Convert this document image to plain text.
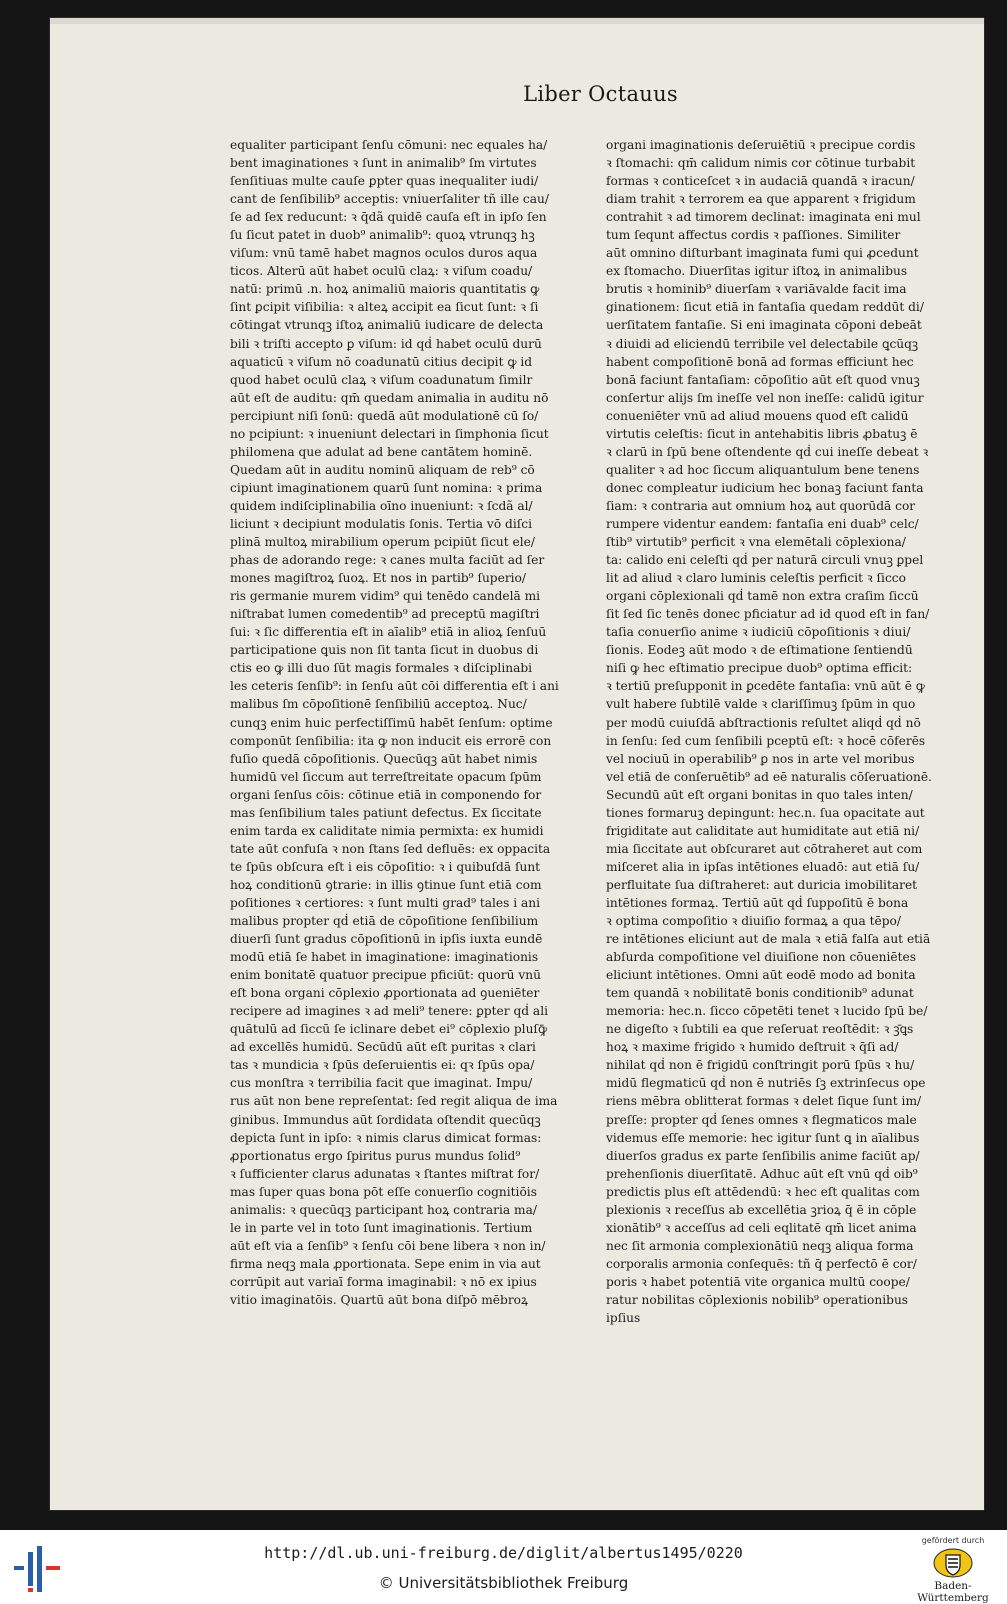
Liber Octauus
equaliter participant ſenſu cōmuni: nec equales ha/
bent imaginationes ꝛ ſunt in animalib⁹ ſm virtutes
ſenſitiuas multe cauſe ꝑpter quas inequaliter iudi/
cant de ſenſibilib⁹ acceptis: vniuerſaliter tñ ille cau/
ſe ad ſex reducunt: ꝛ q̄dã quidē cauſa eſt in ipſo ſen
ſu ſicut patet in duob⁹ animalib⁹: quoꝝ vtrunqꝫ hꝫ
viſum: vnū tamē habet magnos oculos duros aqua
ticos. Alterū aūt habet oculū claꝝ: ꝛ viſum coadu/
natū: primū .n. hoꝝ animaliū maioris quantitatis ꝙ
ſint ꝑcipit viſibilia: ꝛ alteꝝ accipit ea ſicut ſunt: ꝛ ſi
cōtingat vtrunqꝫ iſtoꝝ animaliū iudicare de delecta
bili ꝛ triſti accepto ꝑ viſum: id qḋ habet oculū durū
aquaticū ꝛ viſum nō coadunatū citius decipit ꝙ id
quod habet oculū claꝝ ꝛ viſum coadunatum ſimilr
aūt eſt de auditu: qm̄ quedam animalia in auditu nō
percipiunt niſi ſonū: quedā aūt modulationē cū ſo/
no pcipiunt: ꝛ inueniunt delectari in ſimphonia ſicut
philomena que adulat ad bene cantātem hominē.
Quedam aūt in auditu nominū aliquam de reb⁹ cō
cipiunt imaginationem quarū ſunt nomina: ꝛ prima
quidem indiſciplinabilia oīno inueniunt: ꝛ ſcdã al/
liciunt ꝛ decipiunt modulatis ſonis. Tertia vō diſci
plinā multoꝝ mirabilium operum pcipiūt ſicut ele/
phas de adorando rege: ꝛ canes multa faciūt ad ſer
mones magiſtroꝝ ſuoꝝ. Et nos in partib⁹ ſuperio/
ris germanie murem vidim⁹ qui tenēdo candelā mi
niſtrabat lumen comedentib⁹ ad preceptū magiſtri
ſui: ꝛ ſic differentia eſt in aīalib⁹ etiā in alioꝝ ſenſuū
participatione ꝗuis non ſit tanta ſicut in duobus di
ctis eo ꝙ illi duo ſūt magis formales ꝛ diſciplinabi
les ceteris ſenſib⁹: in ſenſu aūt cōi differentia eſt i ani
malibus ſm cōpoſitionē ſenſibiliū acceptoꝝ. Nuc/
cunqꝫ enim huic perfectiſſimū habēt ſenſum: optime
componūt ſenſibilia: ita ꝙ non inducit eis errorē con
fuſio quedā cōpoſitionis. Quecūqꝫ aūt habet nimis
humidū vel ſiccum aut terreſtreitate opacum ſpūm
organi ſenſus cōis: cōtinue etiā in componendo for
mas ſenſibilium tales patiunt defectus. Ex ſiccitate
enim tarda ex caliditate nimia permixta: ex humidi
tate aūt confuſa ꝛ non ſtans ſed defluēs: ex oppacita
te ſpūs obſcura eſt i eis cōpoſitio: ꝛ i quibuſdā ſunt
hoꝝ conditionū ꝯtrarie: in illis ꝯtinue ſunt etiā com
poſitiones ꝛ certiores: ꝛ ſunt multi grad⁹ tales i ani
malibus propter qḋ etiā de cōpoſitione ſenſibilium
diuerſi ſunt gradus cōpoſitionū in ipſis iuxta eundē
modū etiā ſe habet in imaginatione: imaginationis
enim bonitatē quatuor precipue pficiūt: quorū vnū
eſt bona organi cōplexio ꝓportionata ad ꝯueniēter
recipere ad imagines ꝛ ad meli⁹ tenere: ꝑpter qḋ ali
quātulū ad ſiccū ſe iclinare debet ei⁹ cōplexio pluſꝙ̄
ad excellēs humidū. Secūdū aūt eſt puritas ꝛ clari
tas ꝛ mundicia ꝛ ſpūs deſeruientis ei: qꝛ ſpūs opa/
cus monſtra ꝛ terribilia facit que imaginat. Impu/
rus aūt non bene repreſentat: ſed regit aliqua de ima
ginibus. Immundus aūt ſordidata oſtendit quecūqꝫ
depicta ſunt in ipſo: ꝛ nimis clarus dimicat formas:
ꝓportionatus ergo ſpiritus purus mundus ſolid⁹
ꝛ ſufficienter clarus adunatas ꝛ ſtantes miſtrat for/
mas ſuper quas bona pōt eſſe conuerſio cognitiōis
animalis: ꝛ quecūqꝫ participant hoꝝ contraria ma/
le in parte vel in toto ſunt imaginationis. Tertium
aūt eſt via a ſenſib⁹ ꝛ ſenſu cōi bene libera ꝛ non in/
firma neqꝫ mala ꝓportionata. Sepe enim in via aut
corrūpit aut variaī forma imaginabil: ꝛ nō ex ipius
vitio imaginatōis. Quartū aūt bona diſpō mēbroꝝ
organi imaginationis deſeruiētiū ꝛ precipue cordis
ꝛ ſtomachi: qm̄ calidum nimis cor cōtinue turbabit
formas ꝛ conticeſcet ꝛ in audaciā quandā ꝛ iracun/
diam trahit ꝛ terrorem ea que apparent ꝛ frigidum
contrahit ꝛ ad timorem declinat: imaginata eni mul
tum ſequnt affectus cordis ꝛ paſſiones. Similiter
aūt omnino diſturbant imaginata fumi qui ꝓcedunt
ex ſtomacho. Diuerſitas igitur iſtoꝝ in animalibus
brutis ꝛ hominib⁹ diuerſam ꝛ variāvalde facit ima
ginationem: ſicut etiā in fantaſia quedam reddūt di/
uerſitatem fantaſie. Si eni imaginata cōponi debeāt
ꝛ diuidi ad eliciendū terribile vel delectabile ꝗcūqꝫ
habent compoſitionē bonā ad formas efficiunt hec
bonā faciunt fantaſiam: cōpoſitio aūt eſt quod vnuꝫ
conſertur alijs ſm ineſſe vel non ineſſe: calidū igitur
conueniēter vnū ad aliud mouens quod eſt calidū
virtutis celeſtis: ſicut in antehabitis libris ꝓbatuꝫ ē
ꝛ clarū in ſpū bene oſtendente qḋ cui ineſſe debeat ꝛ
qualiter ꝛ ad hoc ſiccum aliquantulum bene tenens
donec compleatur iudicium hec bonaꝫ faciunt fanta
ſiam: ꝛ contraria aut omnium hoꝝ aut quorūdā cor
rumpere videntur eandem: fantaſia eni duab⁹ celc/
ſtib⁹ virtutib⁹ perficit ꝛ vna elemētali cōplexiona/
ta: calido eni celeſti qḋ per naturā circuli vnuꝫ ꝑpel
lit ad aliud ꝛ claro luminis celeſtis perficit ꝛ ſicco
organi cōplexionali qḋ tamē non extra craſim ſiccū
ſit ſed ſic tenēs donec pficiatur ad id quod eſt in fan/
taſia conuerſio anime ꝛ iudiciū cōpoſitionis ꝛ diui/
ſionis. Eodeꝫ aūt modo ꝛ de eſtimatione ſentiendū
niſi ꝙ hec eſtimatio precipue duob⁹ optima efficit:
ꝛ tertiū preſupponit in ꝑcedēte fantaſia: vnū aūt ē ꝙ
vult habere ſubtilē valde ꝛ clariſſimuꝫ ſpūm in quo
per modū cuiuſdā abſtractionis reſultet aliqḋ qḋ nō
in ſenſu: ſed cum ſenſibili pceptū eſt: ꝛ hocē cōferēs
vel nociuū in operabilib⁹ ꝑ nos in arte vel moribus
vel etiā de conſeruētib⁹ ad eē naturalis cōſeruationē.
Secundū aūt eſt organi bonitas in quo tales inten/
tiones formaruꝫ depingunt: hec.n. ſua opacitate aut
frigiditate aut caliditate aut humiditate aut etiā ni/
mia ſiccitate aut obſcuraret aut cōtraheret aut com
miſceret alia in ipſas intētiones eluadō: aut etiā ſu/
perfluitate ſua diſtraheret: aut duricia imobilitaret
intētiones formaꝝ. Tertiū aūt qḋ ſuppoſitū ē bona
ꝛ optima compoſitio ꝛ diuiſio formaꝝ a qua tēpo/
re intētiones eliciunt aut de mala ꝛ etiā falſa aut etiā
abſurda compoſitione vel diuiſione non cōueniētes
eliciunt intētiones. Omni aūt eodē modo ad bonita
tem quandā ꝛ nobilitatē bonis conditionib⁹ adunat
memoria: hec.n. ſicco cōpetēti tenet ꝛ lucido ſpū be/
ne digeſto ꝛ ſubtili ea que reſeruat reoſtēdit: ꝛ ꝫ̄ꝗs
hoꝝ ꝛ maxime frigido ꝛ humido deſtruit ꝛ q̄ſi ad/
nihilat qḋ non ē frigidū conſtringit porū ſpūs ꝛ hu/
midū flegmaticū qḋ non ē nutriēs ſꝫ extrinſecus ope
riens mēbra oblitterat formas ꝛ delet ſique ſunt im/
preſſe: propter qḋ ſenes omnes ꝛ flegmaticos male
videmus eſſe memorie: hec igitur ſunt ꝗ in aīalibus
diuerſos gradus ex parte ſenſibilis anime faciūt ap/
prehenſionis diuerſitatē. Adhuc aūt eſt vnū qḋ oib⁹
predictis plus eſt attēdendū: ꝛ hec eſt qualitas com
plexionis ꝛ receſſus ab excellētia ꝫrioꝝ q̄ ē in cōple
xionātib⁹ ꝛ acceſſus ad celi eqlitatē qm̄ licet anima
nec ſit armonia complexionātiū neqꝫ aliqua forma
corporalis armonia conſequēs: tñ q̄ perfectō ē cor/
poris ꝛ habet potentiā vite organica multū coope/
ratur nobilitas cōplexionis nobilib⁹ operationibus
ipſius
http://dl.ub.uni-freiburg.de/diglit/albertus1495/0220
© Universitätsbibliothek Freiburg
gefördert durch
Baden-Württemberg
